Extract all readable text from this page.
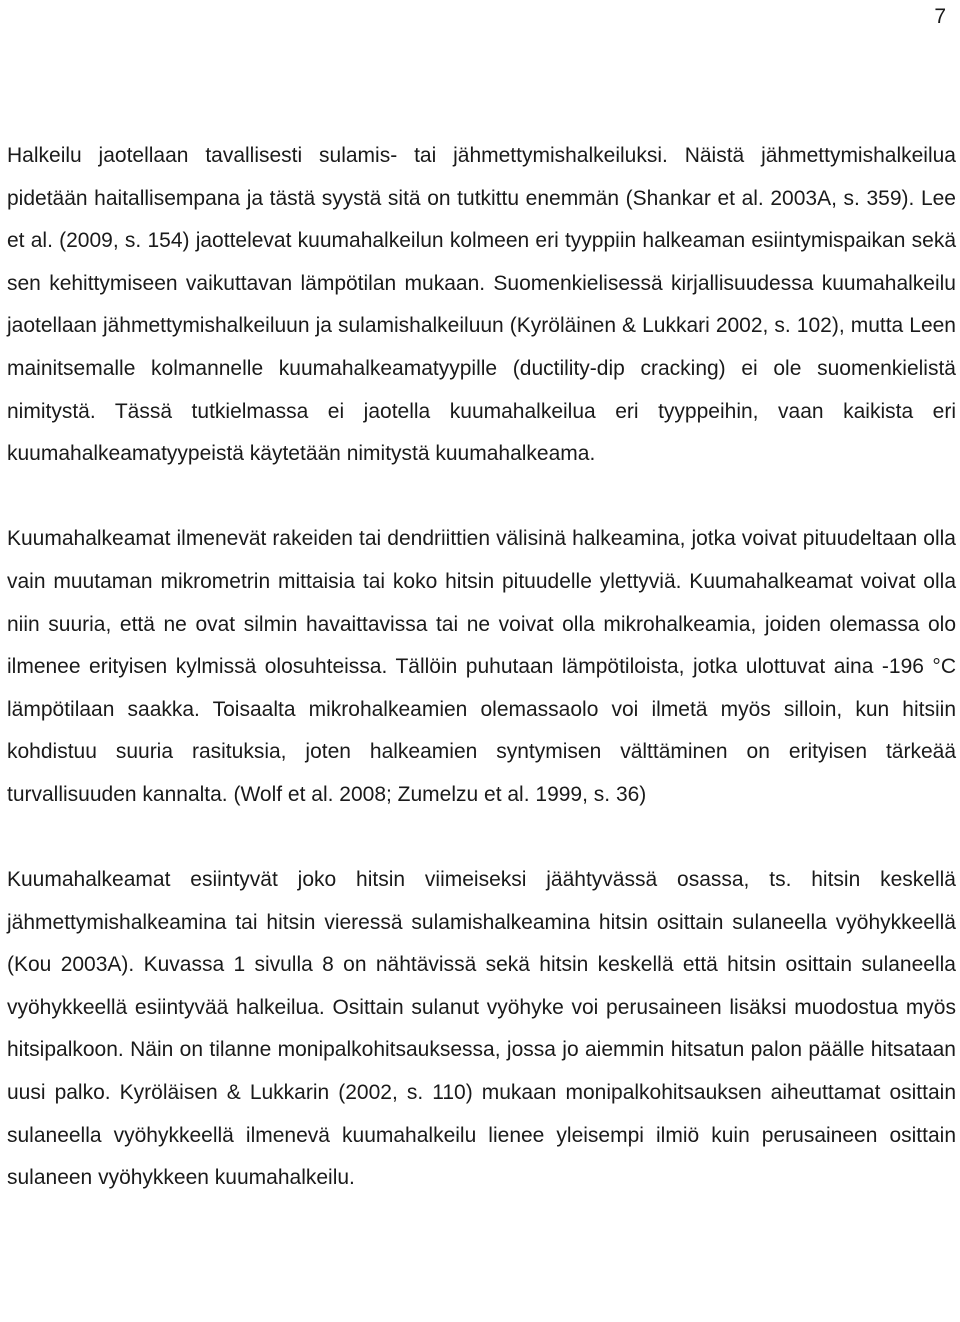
7

Halkeilu jaotellaan tavallisesti sulamis- tai jähmettymishalkeiluksi. Näistä jähmettymishalkeilua pidetään haitallisempana ja tästä syystä sitä on tutkittu enemmän (Shankar et al. 2003A, s. 359). Lee et al. (2009, s. 154) jaottelevat kuumahalkeilun kolmeen eri tyyppiin halkeaman esiintymispaikan sekä sen kehittymiseen vaikuttavan lämpötilan mukaan. Suomenkielisessä kirjallisuudessa kuumahalkeilu jaotellaan jähmettymishalkeiluun ja sulamishalkeiluun (Kyröläinen & Lukkari 2002, s. 102), mutta Leen mainitsemalle kolmannelle kuumahalkeamatyypille (ductility-dip cracking) ei ole suomenkielistä nimitystä. Tässä tutkielmassa ei jaotella kuumahalkeilua eri tyyppeihin, vaan kaikista eri kuumahalkeamatyypeistä käytetään nimitystä kuumahalkeama.

Kuumahalkeamat ilmenevät rakeiden tai dendriittien välisinä halkeamina, jotka voivat pituudeltaan olla vain muutaman mikrometrin mittaisia tai koko hitsin pituudelle ylettyviä. Kuumahalkeamat voivat olla niin suuria, että ne ovat silmin havaittavissa tai ne voivat olla mikrohalkeamia, joiden olemassa olo ilmenee erityisen kylmissä olosuhteissa. Tällöin puhutaan lämpötiloista, jotka ulottuvat aina -196 °C lämpötilaan saakka. Toisaalta mikrohalkeamien olemassaolo voi ilmetä myös silloin, kun hitsiin kohdistuu suuria rasituksia, joten halkeamien syntymisen välttäminen on erityisen tärkeää turvallisuuden kannalta. (Wolf et al. 2008; Zumelzu et al. 1999, s. 36)

Kuumahalkeamat esiintyvät joko hitsin viimeiseksi jäähtyvässä osassa, ts. hitsin keskellä jähmettymishalkeamina tai hitsin vieressä sulamishalkeamina hitsin osittain sulaneella vyöhykkeellä (Kou 2003A). Kuvassa 1 sivulla 8 on nähtävissä sekä hitsin keskellä että hitsin osittain sulaneella vyöhykkeellä esiintyvää halkeilua. Osittain sulanut vyöhyke voi perusaineen lisäksi muodostua myös hitsipalkoon. Näin on tilanne monipalkohitsauksessa, jossa jo aiemmin hitsatun palon päälle hitsataan uusi palko. Kyröläisen & Lukkarin (2002, s. 110) mukaan monipalkohitsauksen aiheuttamat osittain sulaneella vyöhykkeellä ilmenevä kuumahalkeilu lienee yleisempi ilmiö kuin perusaineen osittain sulaneen vyöhykkeen kuumahalkeilu.
